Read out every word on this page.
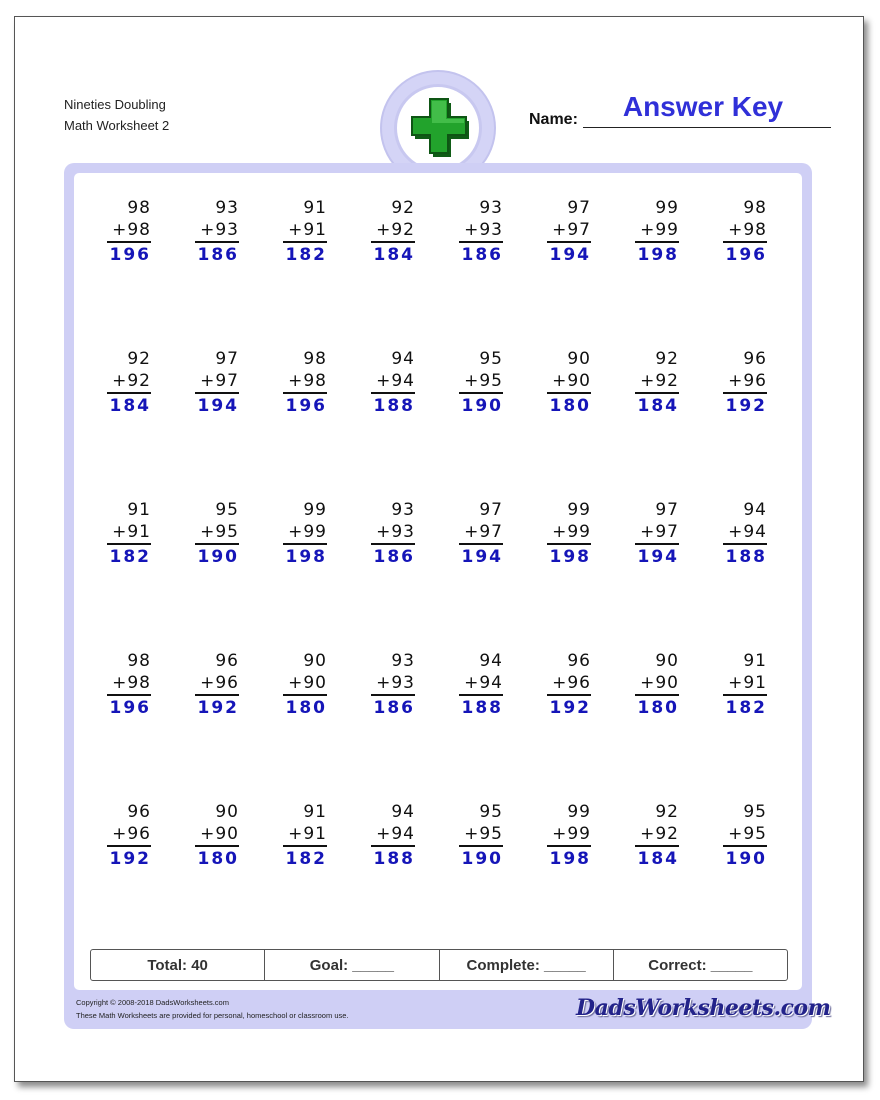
Nineties Doubling
Math Worksheet 2	Name:	Answer Key
98
+98
196
93
+93
186
91
+91
182
92
+92
184
93
+93
186
97
+97
194
99
+99
198
98
+98
196
92
+92
184
97
+97
194
98
+98
196
94
+94
188
95
+95
190
90
+90
180
92
+92
184
96
+96
192
91
+91
182
95
+95
190
99
+99
198
93
+93
186
97
+97
194
99
+99
198
97
+97
194
94
+94
188
98
+98
196
96
+96
192
90
+90
180
93
+93
186
94
+94
188
96
+96
192
90
+90
180
91
+91
182
96
+96
192
90
+90
180
91
+91
182
94
+94
188
95
+95
190
99
+99
198
92
+92
184
95
+95
190
Total: 40	Goal: _____	Complete: _____	Correct: _____
Copyright © 2008-2018 DadsWorksheets.com
These Math Worksheets are provided for personal, homeschool or classroom use.	DadsWorksheets.com
